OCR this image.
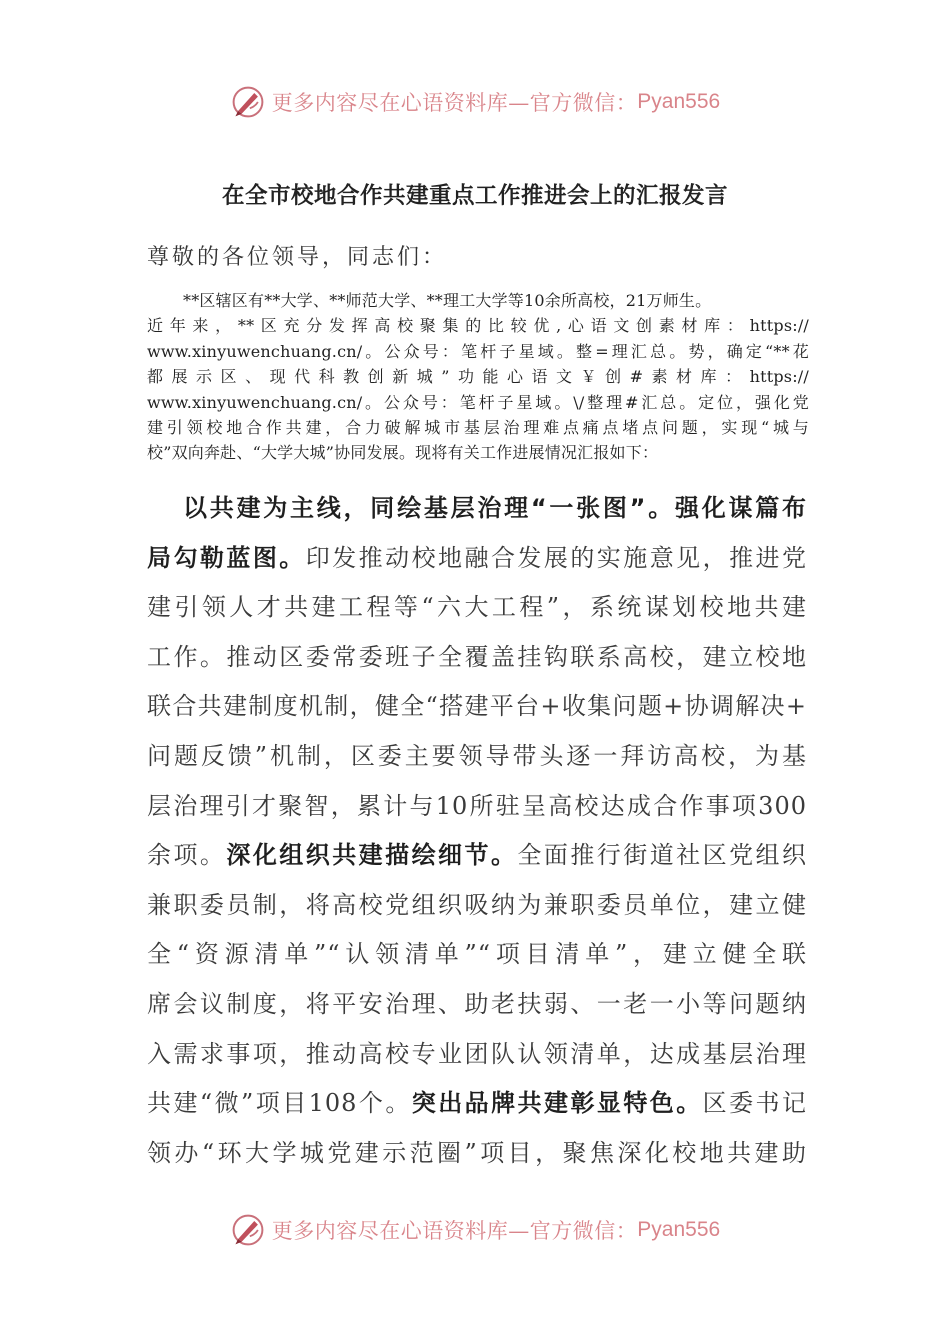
更多内容尽在心语资料库—官方微信： Pyan556
在全市校地合作共建重点工作推进会上的汇报发言
尊敬的各位领导，同志们：
**区辖区有**大学、**师范大学、**理工大学等10余所高校，21万师生。
近年来，**区充分发挥高校聚集的比较优,心语文创素材库：https://
www.xinyuwenchuang.cn/。公众号：笔杆子星域。整=理汇总。势，确定“**花
都展示区、现代科教创新城”功能心语文￥创#素材库：https://
www.xinyuwenchuang.cn/。公众号：笔杆子星域。\/整理#汇总。定位，强化党
建引领校地合作共建，合力破解城市基层治理难点痛点堵点问题，实现“城与
校”双向奔赴、“大学大城”协同发展。现将有关工作进展情况汇报如下：
以共建为主线，同绘基层治理“一张图”。强化谋篇布
局勾勒蓝图。印发推动校地融合发展的实施意见，推进党
建引领人才共建工程等“六大工程”，系统谋划校地共建
工作。推动区委常委班子全覆盖挂钩联系高校，建立校地
联合共建制度机制，健全“搭建平台+收集问题+协调解决+
问题反馈”机制，区委主要领导带头逐一拜访高校，为基
层治理引才聚智，累计与10所驻呈高校达成合作事项300
余项。深化组织共建描绘细节。全面推行街道社区党组织
兼职委员制，将高校党组织吸纳为兼职委员单位，建立健
全“资源清单”“认领清单”“项目清单”，建立健全联
席会议制度，将平安治理、助老扶弱、一老一小等问题纳
入需求事项，推动高校专业团队认领清单，达成基层治理
共建“微”项目108个。突出品牌共建彰显特色。区委书记
领办“环大学城党建示范圈”项目，聚焦深化校地共建助
更多内容尽在心语资料库—官方微信： Pyan556
